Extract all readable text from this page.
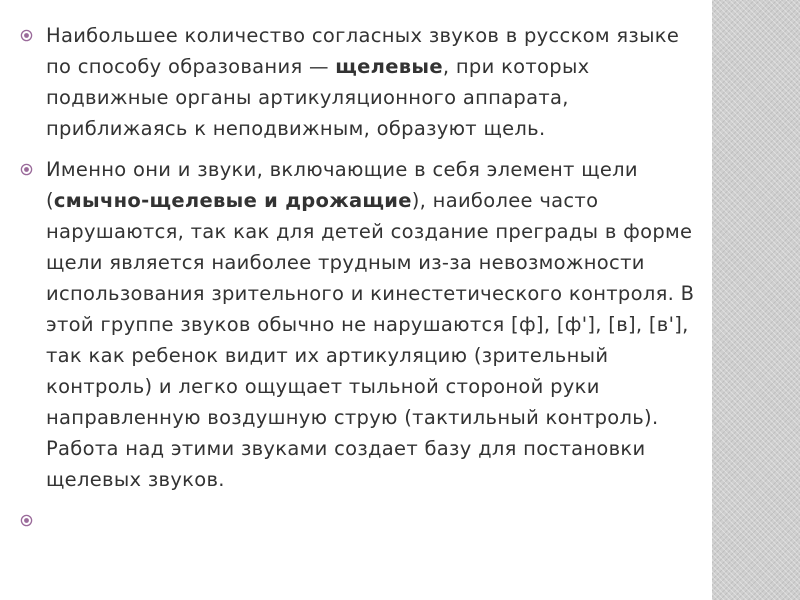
Наибольшее количество согласных звуков в русском языке по способу образования — щелевые, при которых подвижные органы артикуляционного аппарата, приближаясь к неподвижным, образуют щель.
Именно они и звуки, включающие в себя элемент щели (смычно-щелевые и дрожащие), наиболее часто нарушаются, так как для детей создание преграды в форме щели является наиболее трудным из-за невозможности использования зрительного и кинестетического контроля. В этой группе звуков обычно не нарушаются [ф], [ф'], [в], [в'], так как ребенок видит их артикуляцию (зрительный контроль) и легко ощущает тыльной стороной руки направленную воздушную струю (тактильный контроль). Работа над этими звуками создает базу для постановки щелевых звуков.
